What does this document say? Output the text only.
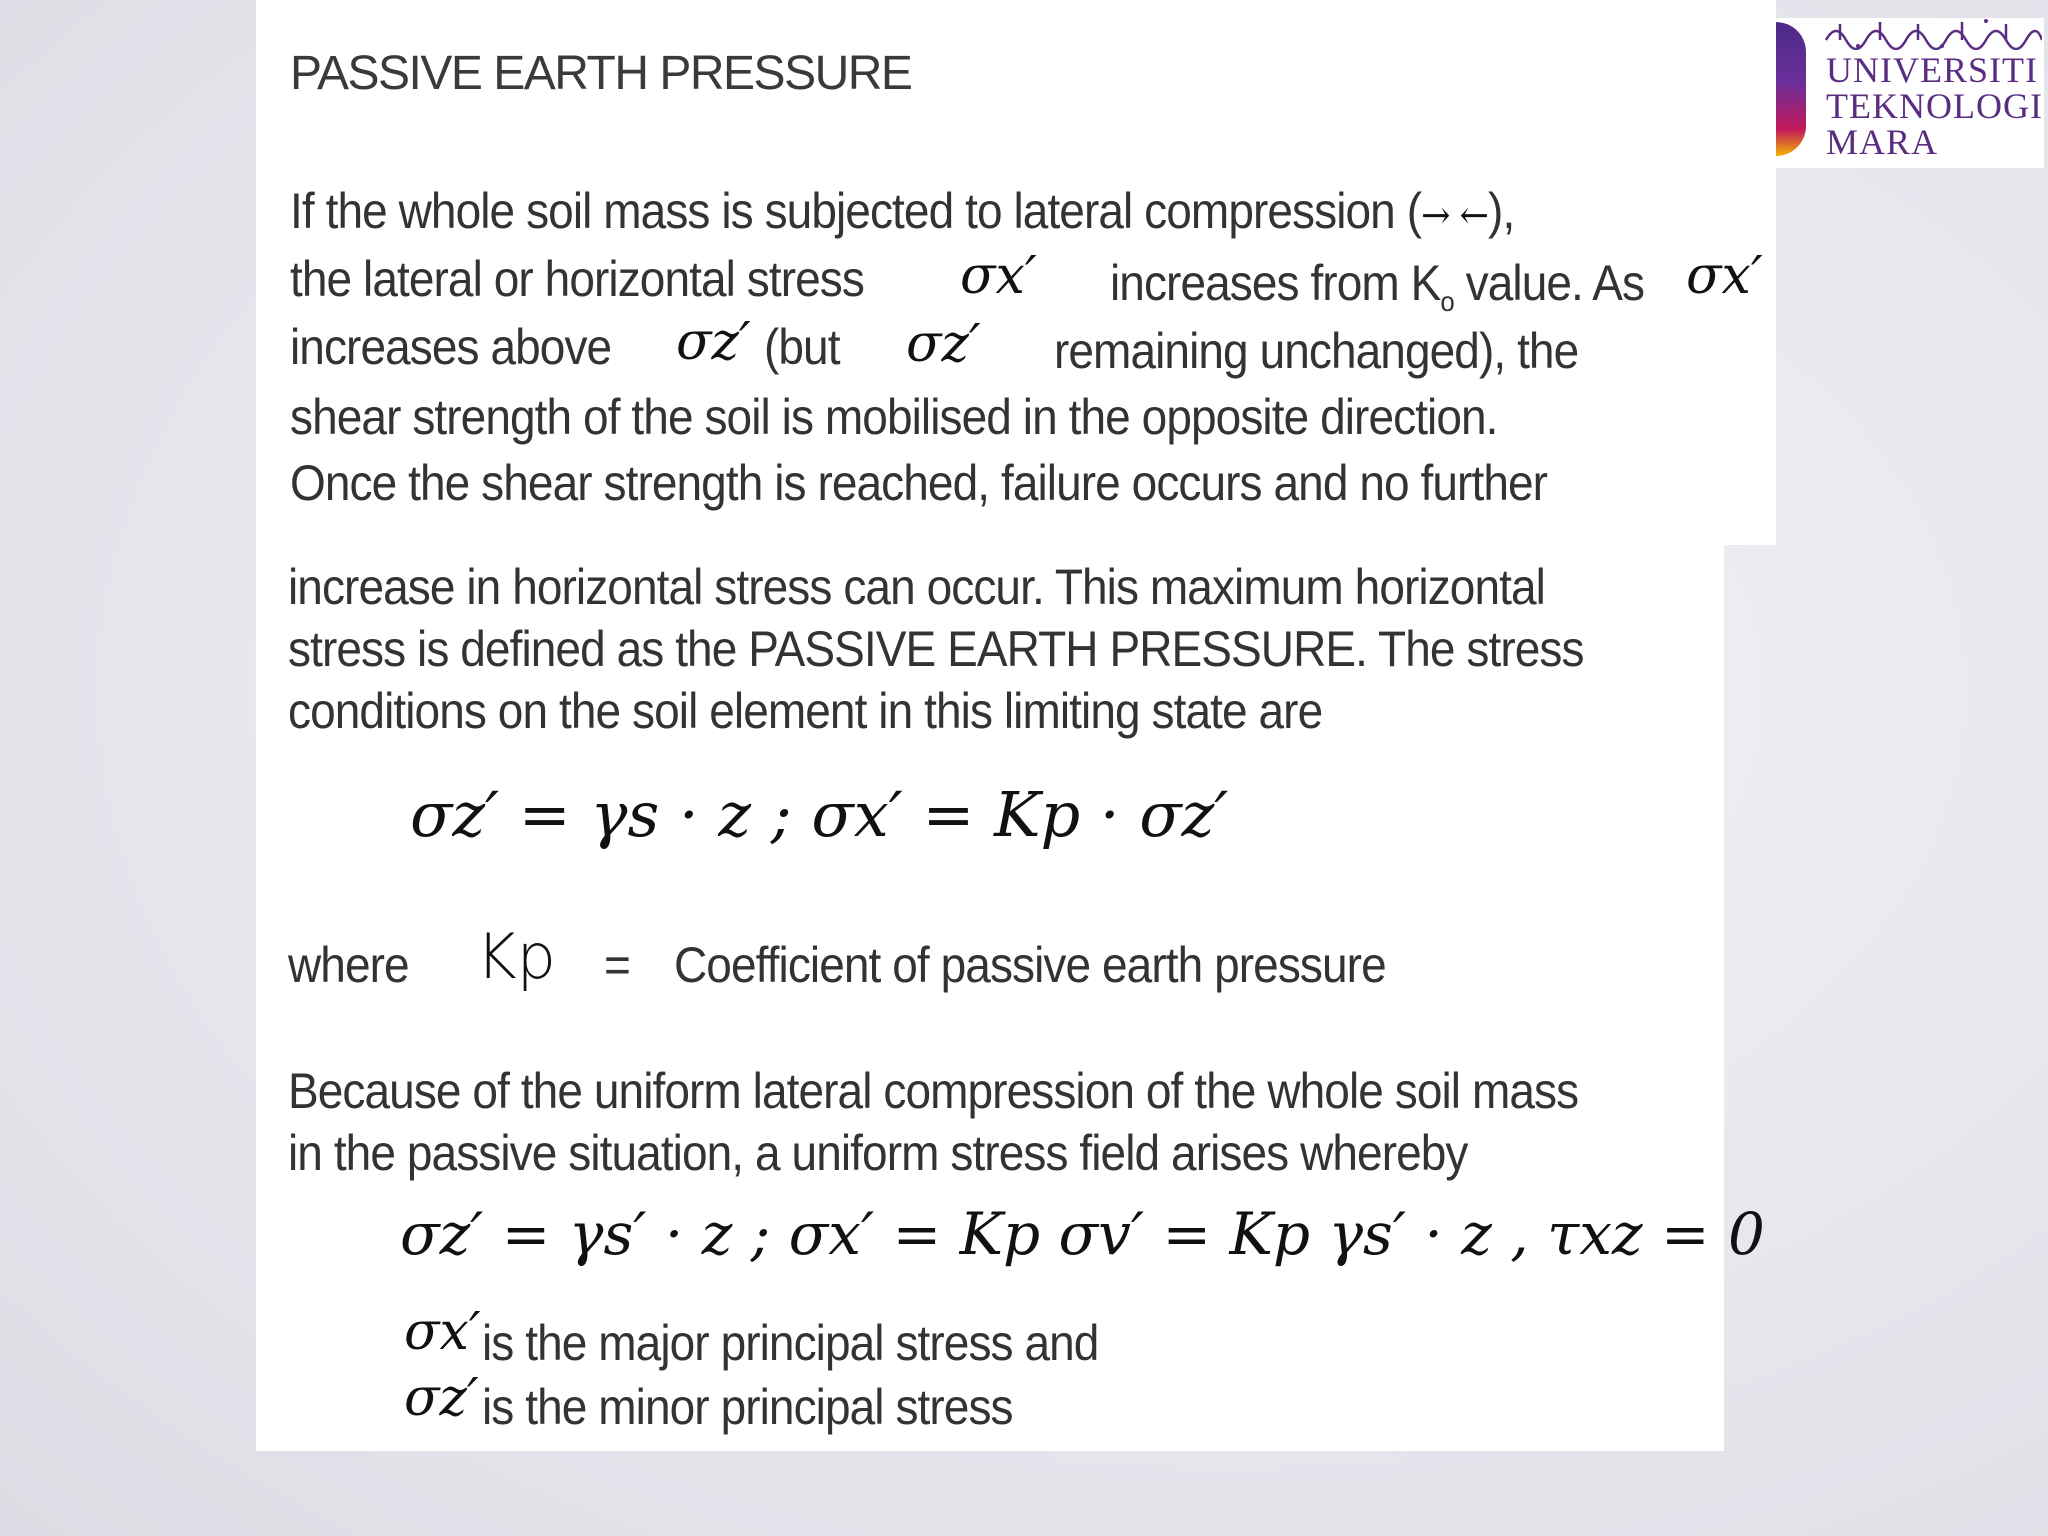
PASSIVE EARTH PRESSURE
If the whole soil mass is subjected to lateral compression (→ ←),
the lateral or horizontal stress σx′ increases from $K_o$ value. As σx′
increases above σz′ (but σz′ remaining unchanged), the
shear strength of the soil is mobilised in the opposite direction.
Once the shear strength is reached, failure occurs and no further
increase in horizontal stress can occur. This maximum horizontal
stress is defined as the PASSIVE EARTH PRESSURE. The stress
conditions on the soil element in this limiting state are
σz′ = γs · z ; σx′ = Kp · σz′
where Kp = Coefficient of passive earth pressure
Because of the uniform lateral compression of the whole soil mass
in the passive situation, a uniform stress field arises whereby
σz′ = γs′ · z ; σx′ = Kp σv′ = Kp γs′ · z , τxz = 0
σx′ is the major principal stress and
σz′ is the minor principal stress
UNIVERSITI
TEKNOLOGI
MARA
